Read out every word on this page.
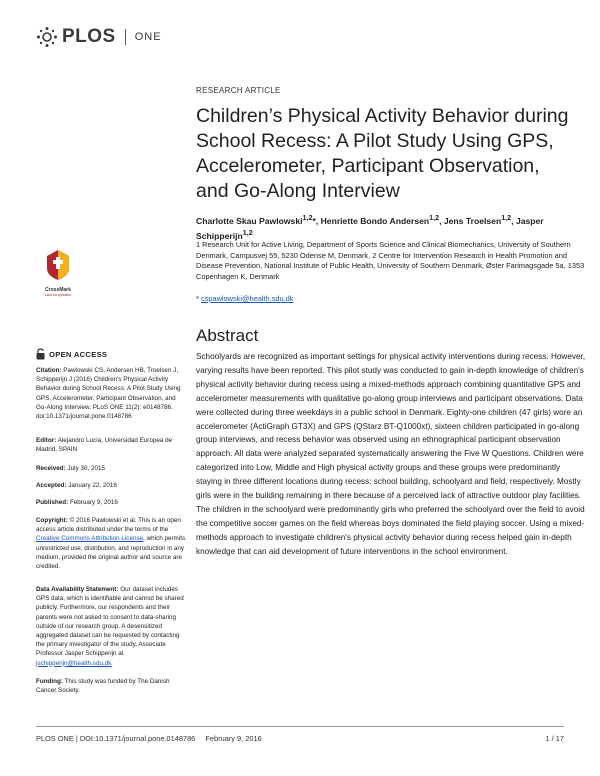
PLOS ONE
RESEARCH ARTICLE
Children’s Physical Activity Behavior during School Recess: A Pilot Study Using GPS, Accelerometer, Participant Observation, and Go-Along Interview
Charlotte Skau Pawlowski$^{1,2}$*, Henriette Bondo Andersen$^{1,2}$, Jens Troelsen$^{1,2}$, Jasper Schipperijn$^{1,2}$
1 Research Unit for Active Living, Department of Sports Science and Clinical Biomechanics, University of Southern Denmark, Campusvej 55, 5230 Odense M, Denmark, 2 Centre for Intervention Research in Health Promotion and Disease Prevention, National Institute of Public Health, University of Southern Denmark, Øster Farimagsgade 5a, 1353 Copenhagen K, Denmark
* cspawlowski@health.sdu.dk
Abstract
Schoolyards are recognized as important settings for physical activity interventions during recess. However, varying results have been reported. This pilot study was conducted to gain in-depth knowledge of children's physical activity behavior during recess using a mixed-methods approach combining quantitative GPS and accelerometer measurements with qualitative go-along group interviews and participant observations. Data were collected during three weekdays in a public school in Denmark. Eighty-one children (47 girls) wore an accelerometer (ActiGraph GT3X) and GPS (QStarz BT-Q1000xt), sixteen children participated in go-along group interviews, and recess behavior was observed using an ethnographical participant observation approach. All data were analyzed separated systematically answering the Five W Questions. Children were categorized into Low, Middle and High physical activity groups and these groups were predominantly staying in three different locations during recess: school building, schoolyard and field, respectively. Mostly girls were in the building remaining in there because of a perceived lack of attractive outdoor play facilities. The children in the schoolyard were predominantly girls who preferred the schoolyard over the field to avoid the competitive soccer games on the field whereas boys dominated the field playing soccer. Using a mixed-methods approach to investigate children's physical activity behavior during recess helped gain in-depth knowledge that can aid development of future interventions in the school environment.
CrossMark
click for updates
OPEN ACCESS
Citation: Pawlowski CS, Andersen HB, Troelsen J, Schipperijn J (2016) Children's Physical Activity Behavior during School Recess: A Pilot Study Using GPS, Accelerometer, Participant Observation, and Go-Along Interview. PLoS ONE 11(2): e0148786. doi:10.1371/journal.pone.0148786
Editor: Alejandro Lucia, Universidad Europea de Madrid, SPAIN
Received: July 30, 2015
Accepted: January 22, 2016
Published: February 9, 2016
Copyright: © 2016 Pawlowski et al. This is an open access article distributed under the terms of the Creative Commons Attribution License, which permits unrestricted use, distribution, and reproduction in any medium, provided the original author and source are credited.
Data Availability Statement: Our dataset includes GPS data, which is identifiable and cannot be shared publicly. Furthermore, our respondents and their parents were not asked to consent to data-sharing outside of our research group. A desensitized aggregated dataset can be requested by contacting the primary investigator of the study, Associate Professor Jasper Schipperijn at jschipperijn@health.sdu.dk
Funding: This study was funded by The Danish Cancer Society.
PLOS ONE | DOI:10.1371/journal.pone.0148786 February 9, 2016	1 / 17
